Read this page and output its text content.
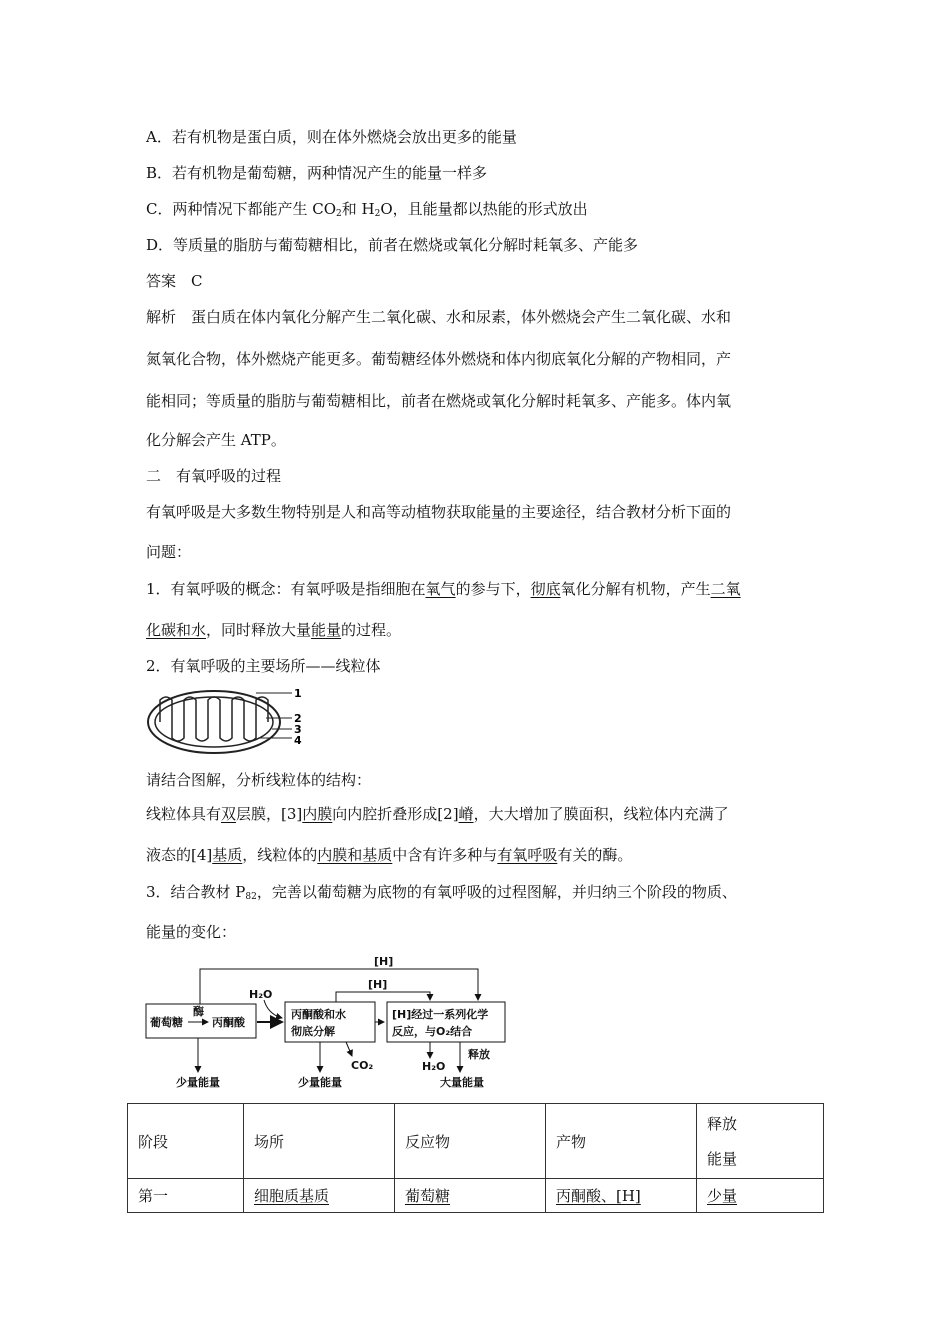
A．若有机物是蛋白质，则在体外燃烧会放出更多的能量
B．若有机物是葡萄糖，两种情况产生的能量一样多
C．两种情况下都能产生 $CO_2$和 $H_2O$，且能量都以热能的形式放出
D．等质量的脂肪与葡萄糖相比，前者在燃烧或氧化分解时耗氧多、产能多
答案　C
解析　蛋白质在体内氧化分解产生二氧化碳、水和尿素，体外燃烧会产生二氧化碳、水和
氮氧化合物，体外燃烧产能更多。葡萄糖经体外燃烧和体内彻底氧化分解的产物相同，产
能相同；等质量的脂肪与葡萄糖相比，前者在燃烧或氧化分解时耗氧多、产能多。体内氧
化分解会产生 ATP。
二　有氧呼吸的过程
有氧呼吸是大多数生物特别是人和高等动植物获取能量的主要途径，结合教材分析下面的
问题：
1．有氧呼吸的概念：有氧呼吸是指细胞在氧气的参与下，彻底氧化分解有机物，产生二氧
化碳和水，同时释放大量能量的过程。
2．有氧呼吸的主要场所——线粒体
1
2
3
4
请结合图解，分析线粒体的结构：
线粒体具有双层膜，[3]内膜向内腔折叠形成[2]嵴，大大增加了膜面积，线粒体内充满了
液态的[4]基质，线粒体的内膜和基质中含有许多种与有氧呼吸有关的酶。
3．结合教材 $P_{82}$，完善以葡萄糖为底物的有氧呼吸的过程图解，并归纳三个阶段的物质、
能量的变化：
[H]
[H]
葡萄糖
酶
丙酮酸
H₂O
丙酮酸和水
彻底分解
CO₂
[H]经过一系列化学
反应，与O₂结合
H₂O
释放
大量能量
少量能量	少量能量
阶段	场所	反应物	产物	释放
能量

第一	细胞质基质	葡萄糖	丙酮酸、[H]	少量
